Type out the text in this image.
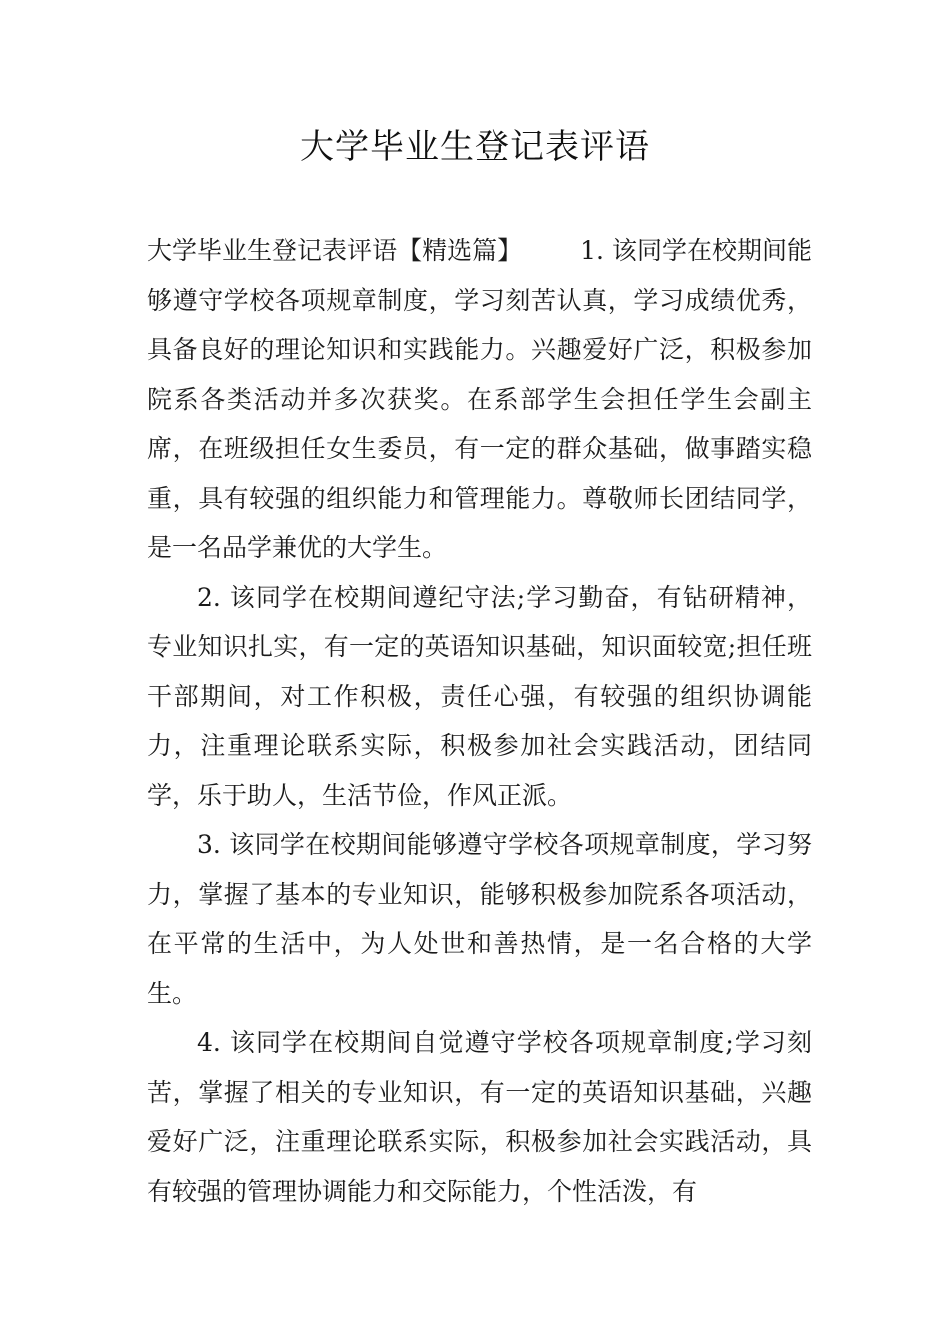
大学毕业生登记表评语

大学毕业生登记表评语【精选篇】 1. 该同学在校期间能够遵守学校各项规章制度，学习刻苦认真，学习成绩优秀，具备良好的理论知识和实践能力。兴趣爱好广泛，积极参加院系各类活动并多次获奖。在系部学生会担任学生会副主席，在班级担任女生委员，有一定的群众基础，做事踏实稳重，具有较强的组织能力和管理能力。尊敬师长团结同学，是一名品学兼优的大学生。

2. 该同学在校期间遵纪守法;学习勤奋，有钻研精神，专业知识扎实，有一定的英语知识基础，知识面较宽;担任班干部期间，对工作积极，责任心强，有较强的组织协调能力，注重理论联系实际，积极参加社会实践活动，团结同学，乐于助人，生活节俭，作风正派。

3. 该同学在校期间能够遵守学校各项规章制度，学习努力，掌握了基本的专业知识，能够积极参加院系各项活动，在平常的生活中，为人处世和善热情，是一名合格的大学生。

4. 该同学在校期间自觉遵守学校各项规章制度;学习刻苦，掌握了相关的专业知识，有一定的英语知识基础，兴趣爱好广泛，注重理论联系实际，积极参加社会实践活动，具有较强的管理协调能力和交际能力，个性活泼，有
